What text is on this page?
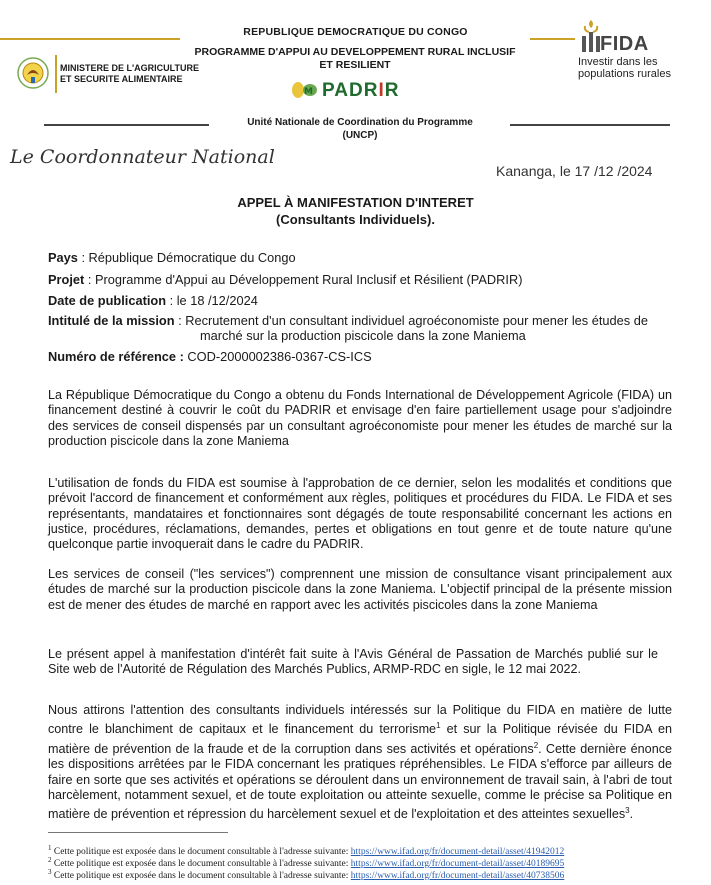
REPUBLIQUE DEMOCRATIQUE DU CONGO
MINISTERE DE L'AGRICULTURE
ET SECURITE ALIMENTAIRE
PROGRAMME D'APPUI AU DEVELOPPEMENT RURAL INCLUSIF
ET RESILIENT
M PADRIR
FIDA
Investir dans les
populations rurales
Unité Nationale de Coordination du Programme
(UNCP)
Le Coordonnateur National
Kananga, le 17 /12 /2024
APPEL À MANIFESTATION D'INTERET
(Consultants Individuels).
Pays : République Démocratique du Congo
Projet : Programme d'Appui au Développement Rural Inclusif et Résilient (PADRIR)
Date de publication : le 18 /12/2024
Intitulé de la mission : Recrutement d'un consultant individuel agroéconomiste pour mener les études de
marché sur la production piscicole dans la zone Maniema
Numéro de référence : COD-2000002386-0367-CS-ICS
La République Démocratique du Congo a obtenu du Fonds International de Développement Agricole (FIDA) un financement destiné à couvrir le coût du PADRIR et envisage d'en faire partiellement usage pour s'adjoindre des services de conseil dispensés par un consultant agroéconomiste pour mener les études de marché sur la production piscicole dans la zone Maniema
L'utilisation de fonds du FIDA est soumise à l'approbation de ce dernier, selon les modalités et conditions que prévoit l'accord de financement et conformément aux règles, politiques et procédures du FIDA. Le FIDA et ses représentants, mandataires et fonctionnaires sont dégagés de toute responsabilité concernant les actions en justice, procédures, réclamations, demandes, pertes et obligations en tout genre et de toute nature qu'une quelconque partie invoquerait dans le cadre du PADRIR.
Les services de conseil ("les services") comprennent une mission de consultance visant principalement aux études de marché sur la production piscicole dans la zone Maniema. L'objectif principal de la présente mission est de mener des études de marché en rapport avec les activités piscicoles dans la zone Maniema
Le présent appel à manifestation d'intérêt fait suite à l'Avis Général de Passation de Marchés publié sur le Site web de l'Autorité de Régulation des Marchés Publics, ARMP-RDC en sigle, le 12 mai 2022.
Nous attirons l'attention des consultants individuels intéressés sur la Politique du FIDA en matière de lutte contre le blanchiment de capitaux et le financement du terrorisme$^1$ et sur la Politique révisée du FIDA en matière de prévention de la fraude et de la corruption dans ses activités et opérations$^2$. Cette dernière énonce les dispositions arrêtées par le FIDA concernant les pratiques répréhensibles. Le FIDA s'efforce par ailleurs de faire en sorte que ses activités et opérations se déroulent dans un environnement de travail sain, à l'abri de tout harcèlement, notamment sexuel, et de toute exploitation ou atteinte sexuelle, comme le précise sa Politique en matière de prévention et répression du harcèlement sexuel et de l'exploitation et des atteintes sexuelles$^3$.
$^1$ Cette politique est exposée dans le document consultable à l'adresse suivante: https://www.ifad.org/fr/document-detail/asset/41942012
$^2$ Cette politique est exposée dans le document consultable à l'adresse suivante: https://www.ifad.org/fr/document-detail/asset/40189695
$^3$ Cette politique est exposée dans le document consultable à l'adresse suivante: https://www.ifad.org/fr/document-detail/asset/40738506
